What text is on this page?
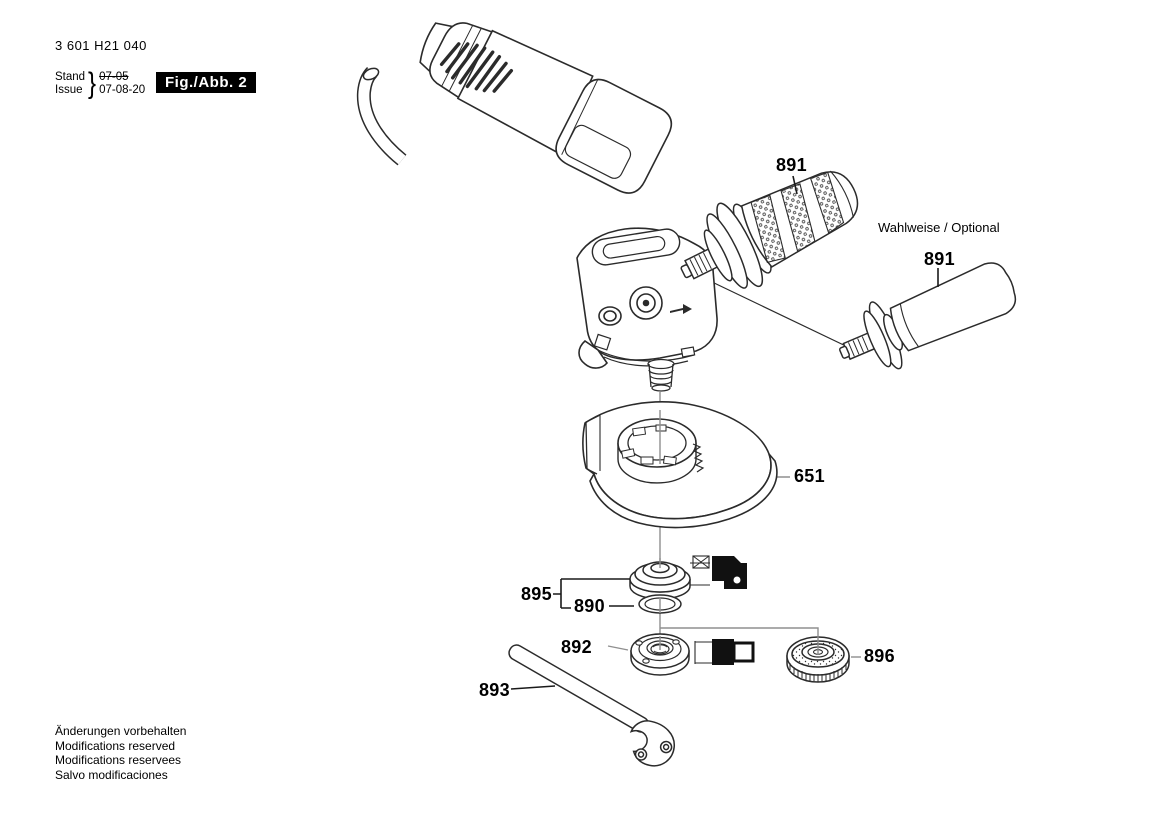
3 601 H21 040
Stand
Issue } 07-05
07-08-20	Fig./Abb. 2
891
Wahlweise / Optional
891
651
895
890
892
893
896
Änderungen vorbehalten
Modifications reserved
Modifications reservees
Salvo modificaciones
